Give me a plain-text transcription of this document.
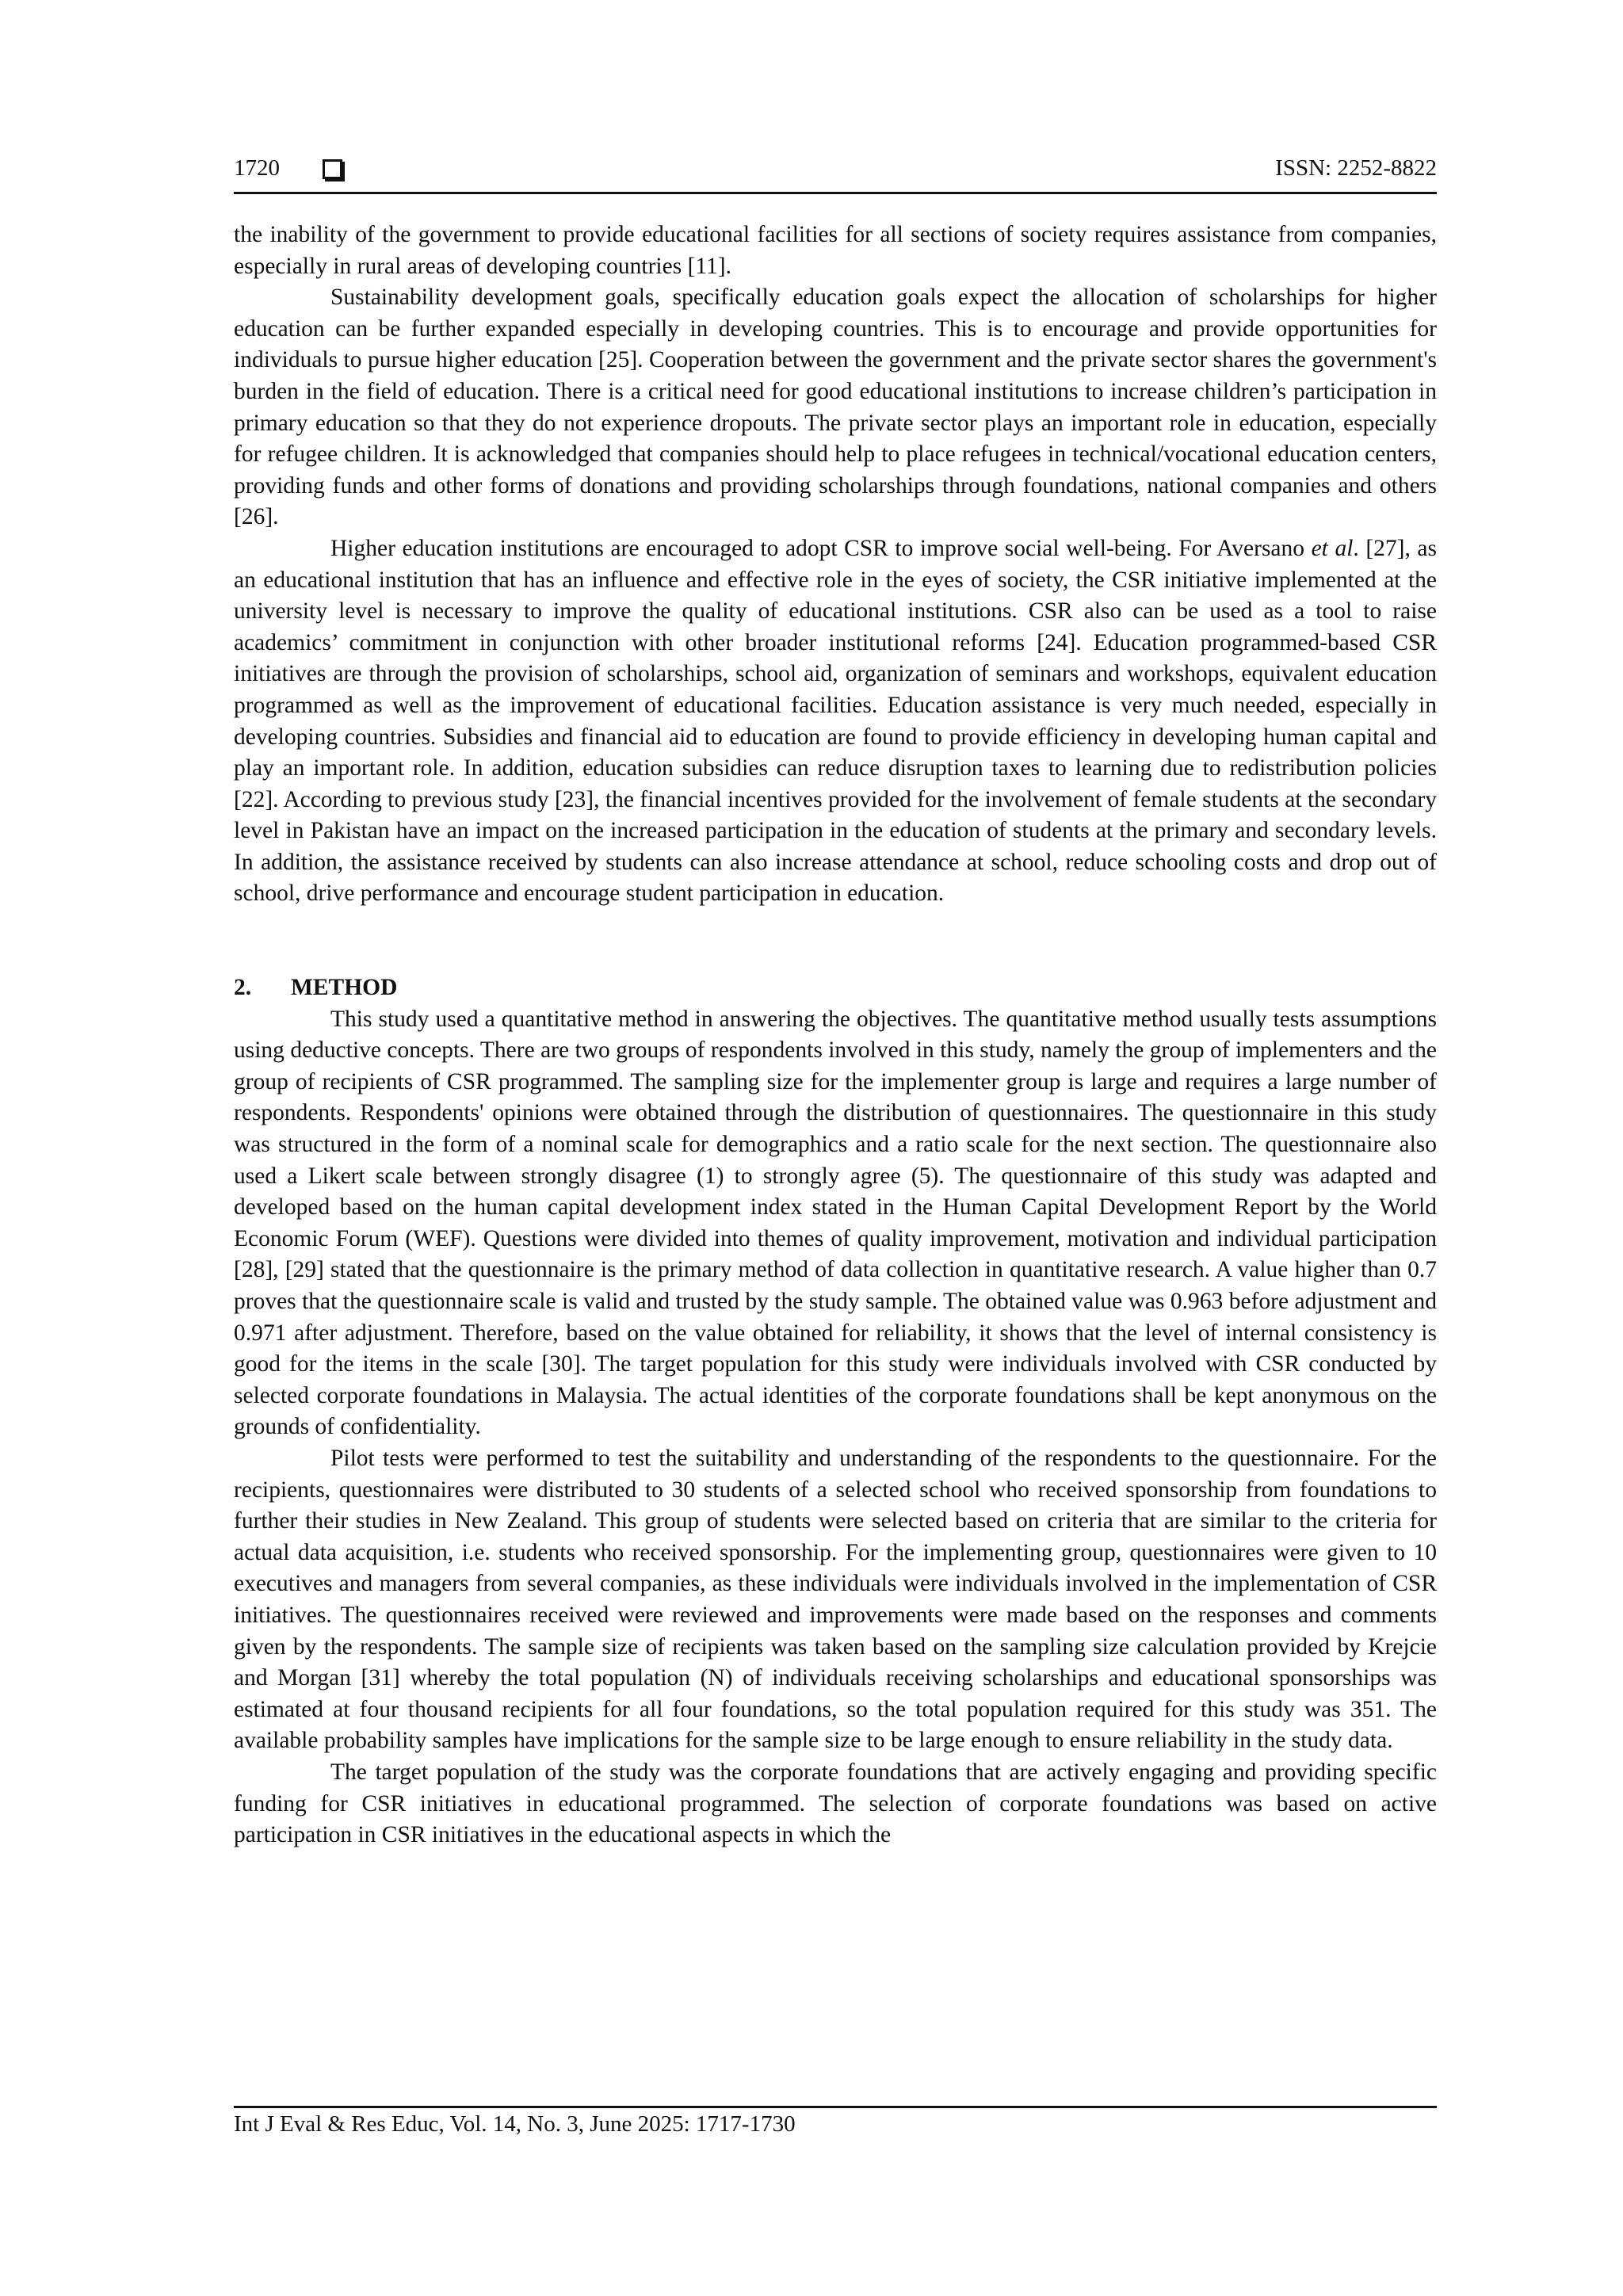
1720	ISSN: 2252-8822

the inability of the government to provide educational facilities for all sections of society requires assistance from companies, especially in rural areas of developing countries [11].

Sustainability development goals, specifically education goals expect the allocation of scholarships for higher education can be further expanded especially in developing countries. This is to encourage and provide opportunities for individuals to pursue higher education [25]. Cooperation between the government and the private sector shares the government's burden in the field of education. There is a critical need for good educational institutions to increase children’s participation in primary education so that they do not experience dropouts. The private sector plays an important role in education, especially for refugee children. It is acknowledged that companies should help to place refugees in technical/vocational education centers, providing funds and other forms of donations and providing scholarships through foundations, national companies and others [26].

Higher education institutions are encouraged to adopt CSR to improve social well-being. For Aversano et al. [27], as an educational institution that has an influence and effective role in the eyes of society, the CSR initiative implemented at the university level is necessary to improve the quality of educational institutions. CSR also can be used as a tool to raise academics’ commitment in conjunction with other broader institutional reforms [24]. Education programmed-based CSR initiatives are through the provision of scholarships, school aid, organization of seminars and workshops, equivalent education programmed as well as the improvement of educational facilities. Education assistance is very much needed, especially in developing countries. Subsidies and financial aid to education are found to provide efficiency in developing human capital and play an important role. In addition, education subsidies can reduce disruption taxes to learning due to redistribution policies [22]. According to previous study [23], the financial incentives provided for the involvement of female students at the secondary level in Pakistan have an impact on the increased participation in the education of students at the primary and secondary levels. In addition, the assistance received by students can also increase attendance at school, reduce schooling costs and drop out of school, drive performance and encourage student participation in education.

2. METHOD

This study used a quantitative method in answering the objectives. The quantitative method usually tests assumptions using deductive concepts. There are two groups of respondents involved in this study, namely the group of implementers and the group of recipients of CSR programmed. The sampling size for the implementer group is large and requires a large number of respondents. Respondents' opinions were obtained through the distribution of questionnaires. The questionnaire in this study was structured in the form of a nominal scale for demographics and a ratio scale for the next section. The questionnaire also used a Likert scale between strongly disagree (1) to strongly agree (5). The questionnaire of this study was adapted and developed based on the human capital development index stated in the Human Capital Development Report by the World Economic Forum (WEF). Questions were divided into themes of quality improvement, motivation and individual participation [28], [29] stated that the questionnaire is the primary method of data collection in quantitative research. A value higher than 0.7 proves that the questionnaire scale is valid and trusted by the study sample. The obtained value was 0.963 before adjustment and 0.971 after adjustment. Therefore, based on the value obtained for reliability, it shows that the level of internal consistency is good for the items in the scale [30]. The target population for this study were individuals involved with CSR conducted by selected corporate foundations in Malaysia. The actual identities of the corporate foundations shall be kept anonymous on the grounds of confidentiality.

Pilot tests were performed to test the suitability and understanding of the respondents to the questionnaire. For the recipients, questionnaires were distributed to 30 students of a selected school who received sponsorship from foundations to further their studies in New Zealand. This group of students were selected based on criteria that are similar to the criteria for actual data acquisition, i.e. students who received sponsorship. For the implementing group, questionnaires were given to 10 executives and managers from several companies, as these individuals were individuals involved in the implementation of CSR initiatives. The questionnaires received were reviewed and improvements were made based on the responses and comments given by the respondents. The sample size of recipients was taken based on the sampling size calculation provided by Krejcie and Morgan [31] whereby the total population (N) of individuals receiving scholarships and educational sponsorships was estimated at four thousand recipients for all four foundations, so the total population required for this study was 351. The available probability samples have implications for the sample size to be large enough to ensure reliability in the study data.

The target population of the study was the corporate foundations that are actively engaging and providing specific funding for CSR initiatives in educational programmed. The selection of corporate foundations was based on active participation in CSR initiatives in the educational aspects in which the

Int J Eval & Res Educ, Vol. 14, No. 3, June 2025: 1717-1730
